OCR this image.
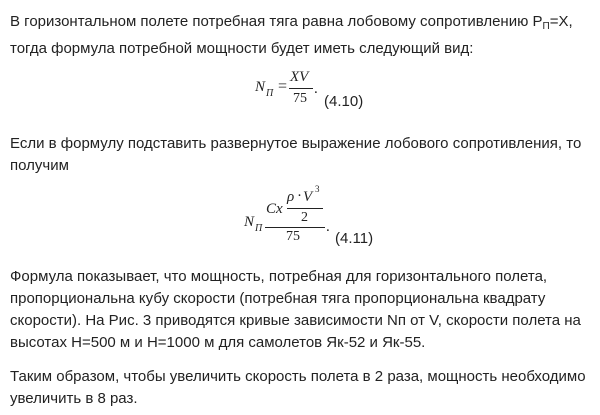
В горизонтальном полете потребная тяга равна лобовому сопротивлению $P_П=X$, тогда формула потребной мощности будет иметь следующий вид:

N П =
XV
75
.
(4.10)

Если в формулу подставить развернутое выражение лобового сопротивления, то получим

Cx
ρ · V 3
2
N П
75
.
(4.11)

Формула показывает, что мощность, потребная для горизонтального полета, пропорциональна кубу скорости (потребная тяга пропорциональна квадрату скорости). На Рис. 3 приводятся кривые зависимости Nп от V, скорости полета на высотах H=500 м и H=1000 м для самолетов Як-52 и Як-55.

Таким образом, чтобы увеличить скорость полета в 2 раза, мощность необходимо увеличить в 8 раз.
